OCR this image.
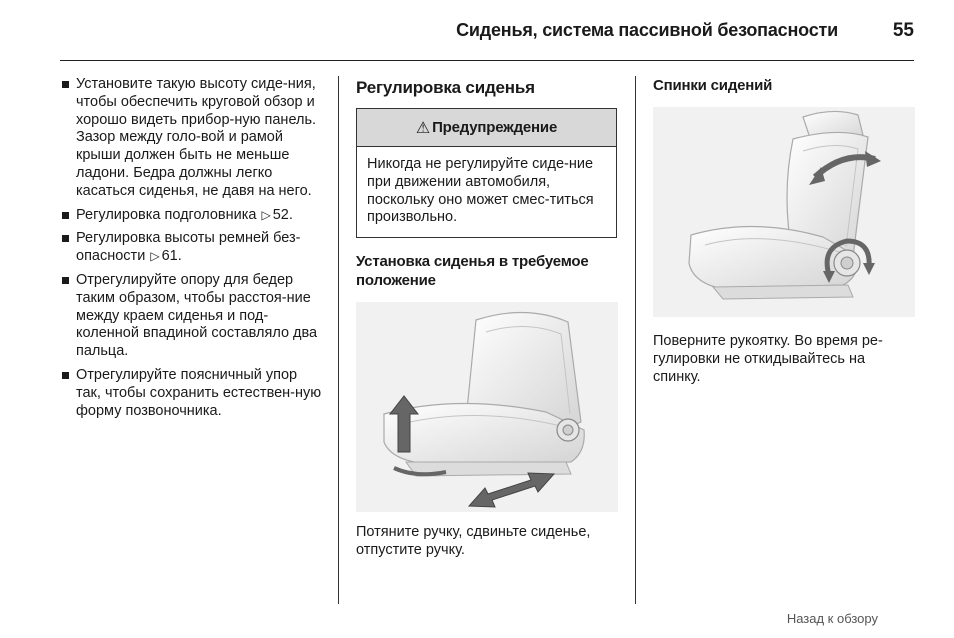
Сиденья, система пассивной безопасности	55
Установите такую высоту сиде-ния, чтобы обеспечить круговой обзор и хорошо видеть прибор-ную панель. Зазор между голо-вой и рамой крыши должен быть не меньше ладони. Бедра должны легко касаться сиденья, не давя на него.
Регулировка подголовника ▷ 52.
Регулировка высоты ремней без-опасности ▷ 61.
Отрегулируйте опору для бедер таким образом, чтобы расстоя-ние между краем сиденья и под-коленной впадиной составляло два пальца.
Отрегулируйте поясничный упор так, чтобы сохранить естествен-ную форму позвоночника.
Регулировка сиденья
⚠ Предупреждение
Никогда не регулируйте сиде-ние при движении автомобиля, поскольку оно может смес-титься произвольно.
Установка сиденья в требуемое положение
Потяните ручку, сдвиньте сиденье, отпустите ручку.
Спинки сидений
Поверните рукоятку. Во время ре-гулировки не откидывайтесь на спинку.
Назад к обзору
